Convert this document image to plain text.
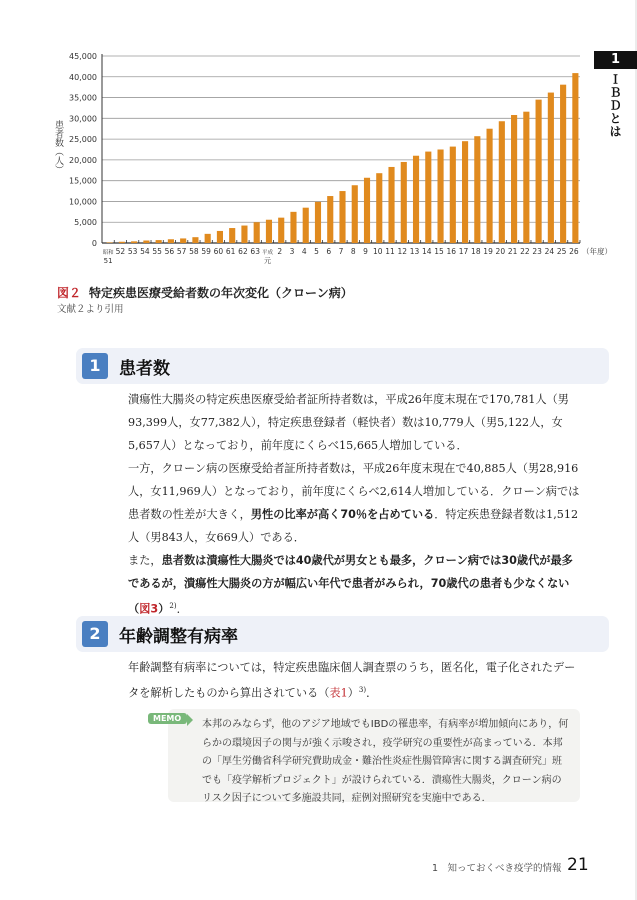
1
ＩＢＤとは
0
5,000
10,000
15,000
20,000
25,000
30,000
35,000
40,000
45,000
昭和
51
52 53 54 55 56 57 58 59 60 61 62 63 平成
元
2 3 4 5 6 7 8 9 10 11 12 13 14 15 16 17 18 19 20 21 22 23 24 25 26
患者数（人）
（年度）
図２ 特定疾患医療受給者数の年次変化（クローン病）
文献２より引用
1	患者数
潰瘍性大腸炎の特定疾患医療受給者証所持者数は，平成26年度末現在で170,781人（男93,399人，女77,382人），特定疾患登録者（軽快者）数は10,779人（男5,122人，女5,657人）となっており，前年度にくらべ15,665人増加している．
一方，クローン病の医療受給者証所持者数は，平成26年度末現在で40,885人（男28,916人，女11,969人）となっており，前年度にくらべ2,614人増加している．クローン病では患者数の性差が大きく，男性の比率が高く70％を占めている．特定疾患登録者数は1,512人（男843人，女669人）である．
また，患者数は潰瘍性大腸炎では40歳代が男女とも最多，クローン病では30歳代が最多であるが，潰瘍性大腸炎の方が幅広い年代で患者がみられ，70歳代の患者も少なくない（図3）$^{2)}$．
2	年齢調整有病率
年齢調整有病率については，特定疾患臨床個人調査票のうち，匿名化，電子化されたデータを解析したものから算出されている（表1）$^{3)}$．
本邦のみならず，他のアジア地域でもIBDの罹患率，有病率が増加傾向にあり，何らかの環境因子の関与が強く示唆され，疫学研究の重要性が高まっている．本邦の「厚生労働省科学研究費助成金・難治性炎症性腸管障害に関する調査研究」班でも「疫学解析プロジェクト」が設けられている．潰瘍性大腸炎，クローン病のリスク因子について多施設共同，症例対照研究を実施中である．
MEMO
1　知っておくべき疫学的情報 21
